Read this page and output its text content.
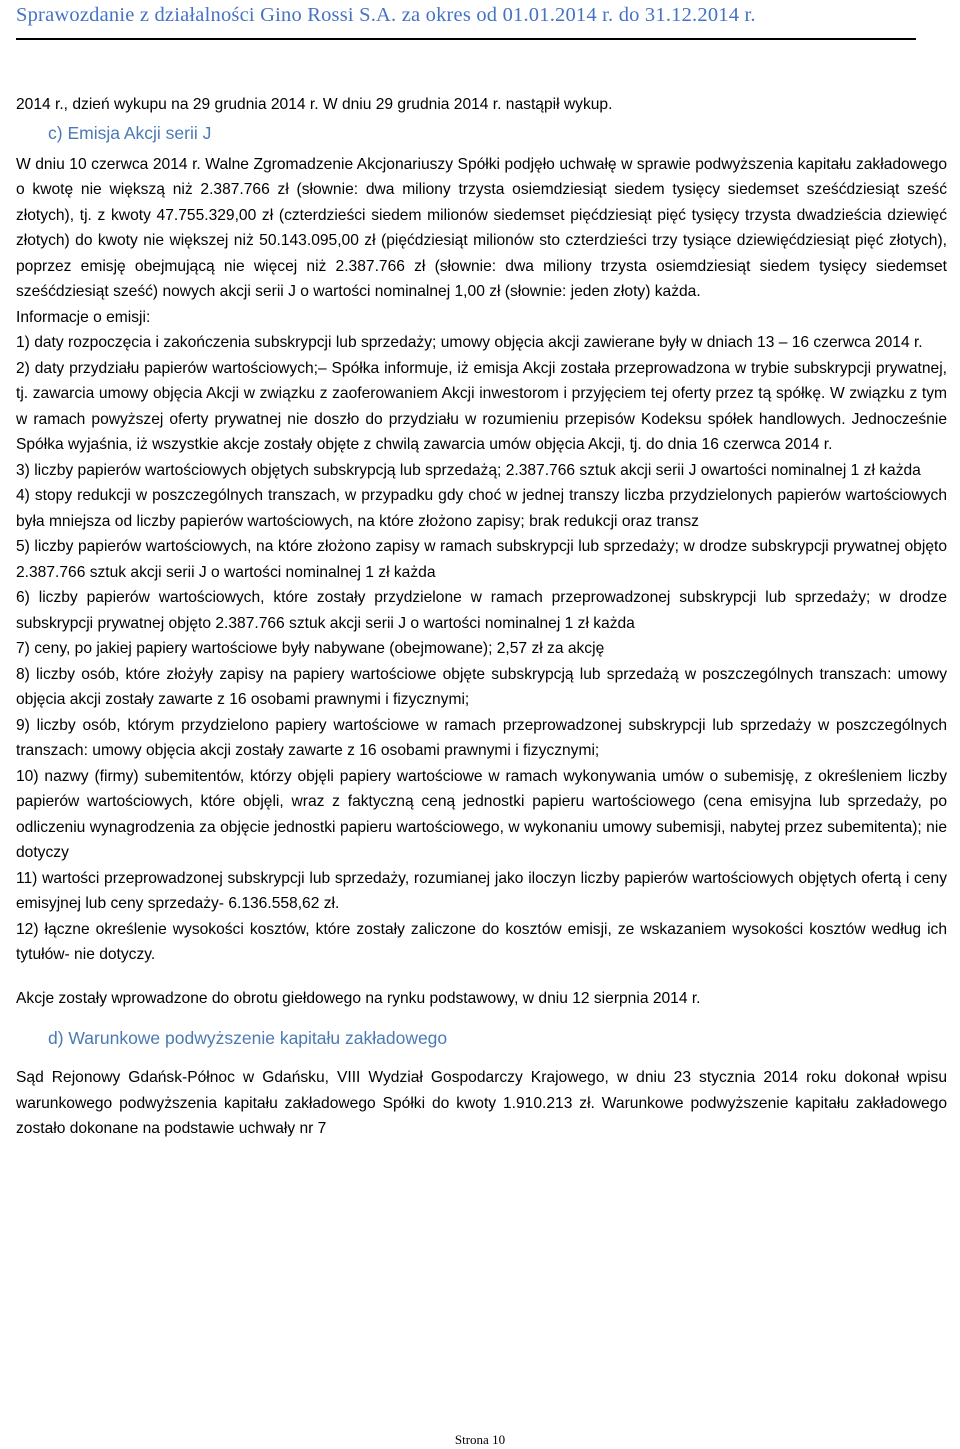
Sprawozdanie z działalności Gino Rossi S.A. za okres od 01.01.2014 r. do 31.12.2014 r.

2014 r., dzień wykupu na 29 grudnia 2014 r. W dniu 29 grudnia 2014 r. nastąpił wykup.

c) Emisja Akcji serii J

W dniu 10 czerwca 2014 r. Walne Zgromadzenie Akcjonariuszy Spółki podjęło uchwałę w sprawie podwyższenia kapitału zakładowego o kwotę nie większą niż 2.387.766 zł (słownie: dwa miliony trzysta osiemdziesiąt siedem tysięcy siedemset sześćdziesiąt sześć złotych), tj. z kwoty 47.755.329,00 zł (czterdzieści siedem milionów siedemset pięćdziesiąt pięć tysięcy trzysta dwadzieścia dziewięć złotych) do kwoty nie większej niż 50.143.095,00 zł (pięćdziesiąt milionów sto czterdzieści trzy tysiące dziewięćdziesiąt pięć złotych), poprzez emisję obejmującą nie więcej niż 2.387.766 zł (słownie: dwa miliony trzysta osiemdziesiąt siedem tysięcy siedemset sześćdziesiąt sześć) nowych akcji serii J o wartości nominalnej 1,00 zł (słownie: jeden złoty) każda.

Informacje o emisji:

1) daty rozpoczęcia i zakończenia subskrypcji lub sprzedaży; umowy objęcia akcji zawierane były w dniach 13 – 16 czerwca 2014 r.

2) daty przydziału papierów wartościowych;– Spółka informuje, iż emisja Akcji została przeprowadzona w trybie subskrypcji prywatnej, tj. zawarcia umowy objęcia Akcji w związku z zaoferowaniem Akcji inwestorom i przyjęciem tej oferty przez tą spółkę. W związku z tym w ramach powyższej oferty prywatnej nie doszło do przydziału w rozumieniu przepisów Kodeksu spółek handlowych. Jednocześnie Spółka wyjaśnia, iż wszystkie akcje zostały objęte z chwilą zawarcia umów objęcia Akcji, tj. do dnia 16 czerwca 2014 r.

3) liczby papierów wartościowych objętych subskrypcją lub sprzedażą; 2.387.766 sztuk akcji serii J owartości nominalnej 1 zł każda

4) stopy redukcji w poszczególnych transzach, w przypadku gdy choć w jednej transzy liczba przydzielonych papierów wartościowych była mniejsza od liczby papierów wartościowych, na które złożono zapisy; brak redukcji oraz transz

5) liczby papierów wartościowych, na które złożono zapisy w ramach subskrypcji lub sprzedaży; w drodze subskrypcji prywatnej objęto 2.387.766 sztuk akcji serii J o wartości nominalnej 1 zł każda

6) liczby papierów wartościowych, które zostały przydzielone w ramach przeprowadzonej subskrypcji lub sprzedaży; w drodze subskrypcji prywatnej objęto 2.387.766 sztuk akcji serii J o wartości nominalnej 1 zł każda

7) ceny, po jakiej papiery wartościowe były nabywane (obejmowane); 2,57 zł za akcję

8) liczby osób, które złożyły zapisy na papiery wartościowe objęte subskrypcją lub sprzedażą w poszczególnych transzach: umowy objęcia akcji zostały zawarte z 16 osobami prawnymi i fizycznymi;

9) liczby osób, którym przydzielono papiery wartościowe w ramach przeprowadzonej subskrypcji lub sprzedaży w poszczególnych transzach: umowy objęcia akcji zostały zawarte z 16 osobami prawnymi i fizycznymi;

10) nazwy (firmy) subemitentów, którzy objęli papiery wartościowe w ramach wykonywania umów o subemisję, z określeniem liczby papierów wartościowych, które objęli, wraz z faktyczną ceną jednostki papieru wartościowego (cena emisyjna lub sprzedaży, po odliczeniu wynagrodzenia za objęcie jednostki papieru wartościowego, w wykonaniu umowy subemisji, nabytej przez subemitenta); nie dotyczy

11) wartości przeprowadzonej subskrypcji lub sprzedaży, rozumianej jako iloczyn liczby papierów wartościowych objętych ofertą i ceny emisyjnej lub ceny sprzedaży- 6.136.558,62 zł.

12) łączne określenie wysokości kosztów, które zostały zaliczone do kosztów emisji, ze wskazaniem wysokości kosztów według ich tytułów- nie dotyczy.

Akcje zostały wprowadzone do obrotu giełdowego na rynku podstawowy, w dniu 12 sierpnia 2014 r.

d) Warunkowe podwyższenie kapitału zakładowego

Sąd Rejonowy Gdańsk-Północ w Gdańsku, VIII Wydział Gospodarczy Krajowego, w dniu 23 stycznia 2014 roku dokonał wpisu warunkowego podwyższenia kapitału zakładowego Spółki do kwoty 1.910.213 zł. Warunkowe podwyższenie kapitału zakładowego zostało dokonane na podstawie uchwały nr 7

Strona 10
